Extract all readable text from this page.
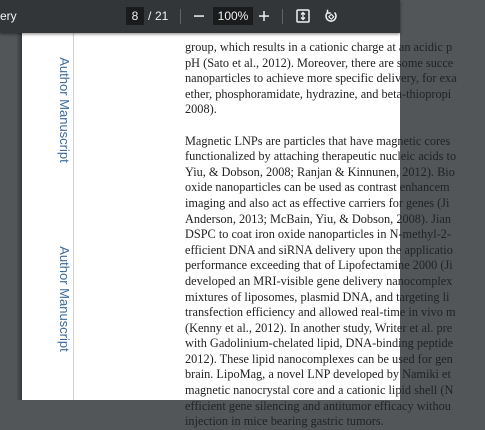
ery
8	/ 21
100%
Author Manuscript
Author Manuscript
group, which results in a cationic charge at an acidic p
pH (Sato et al., 2012). Moreover, there are some succe
nanoparticles to achieve more specific delivery, for exa
ether, phosphoramidate, hydrazine, and beta-thiopropi
2008).
Magnetic LNPs are particles that have magnetic cores
functionalized by attaching therapeutic nucleic acids to
Yiu, & Dobson, 2008; Ranjan & Kinnunen, 2012). Bio
oxide nanoparticles can be used as contrast enhancem
imaging and also act as effective carriers for genes (Ji
Anderson, 2013; McBain, Yiu, & Dobson, 2008). Jian
DSPC to coat iron oxide nanoparticles in N-methyl-2-
efficient DNA and siRNA delivery upon the applicatio
performance exceeding that of Lipofectamine 2000 (Ji
developed an MRI-visible gene delivery nanocomplex
mixtures of liposomes, plasmid DNA, and targeting li
transfection efficiency and allowed real-time in vivo m
(Kenny et al., 2012). In another study, Writer et al. pre
with Gadolinium-chelated lipid, DNA-binding peptide
2012). These lipid nanocomplexes can be used for gen
brain. LipoMag, a novel LNP developed by Namiki et
magnetic nanocrystal core and a cationic lipid shell (N
efficient gene silencing and antitumor efficacy withou
injection in mice bearing gastric tumors.
